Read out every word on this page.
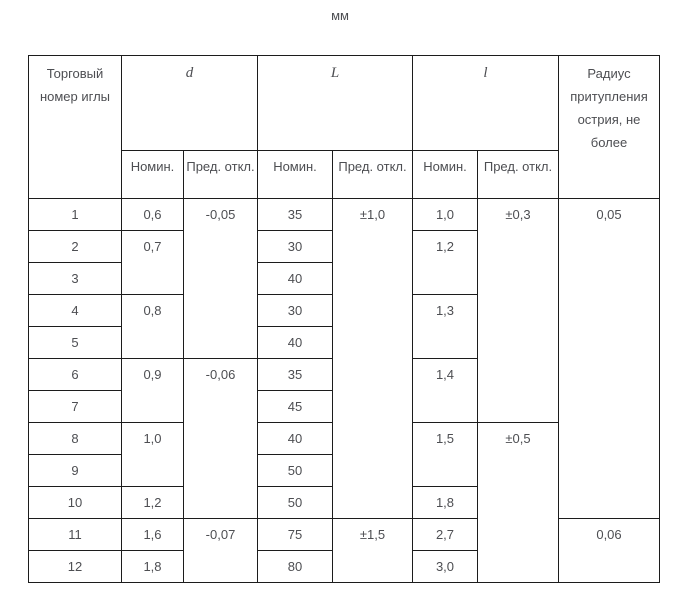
мм
Торговый номер иглы	d		L		l		Радиус притупления острия, не более
	Номин.	Пред. откл.	Номин.	Пред. откл.	Номин.	Пред. откл.	
1	0,6	-0,05	35	±1,0	1,0	±0,3	0,05
2	0,7		30		1,2		
3			40				
4	0,8		30		1,3		
5			40				
6	0,9	-0,06	35		1,4		
7			45				
8	1,0		40		1,5	±0,5	
9			50				
10	1,2		50		1,8		
11	1,6	-0,07	75	±1,5	2,7		0,06
12	1,8		80		3,0		
